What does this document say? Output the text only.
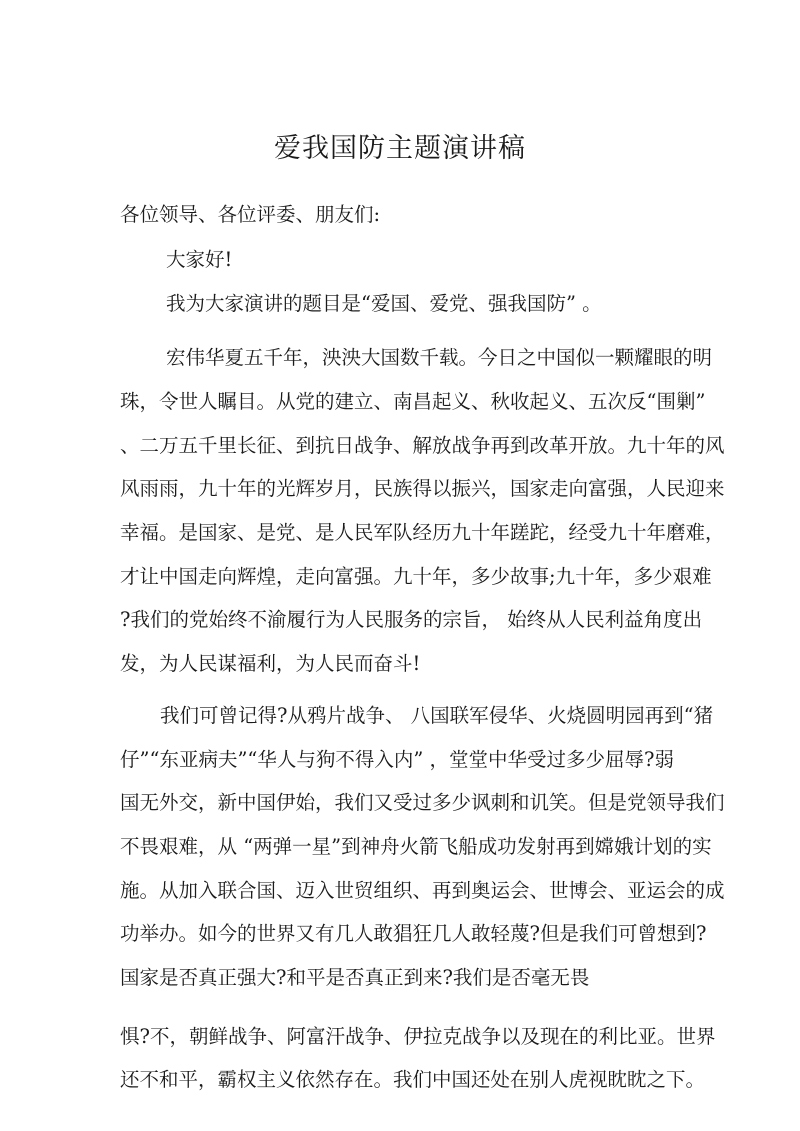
爱我国防主题演讲稿

各位领导、各位评委、朋友们:

大家好!

我为大家演讲的题目是“爱国、爱党、强我国防” 。

宏伟华夏五千年，泱泱大国数千载。今日之中国似一颗耀眼的明

珠，令世人瞩目。从党的建立、南昌起义、秋收起义、五次反“围剿”

、二万五千里长征、到抗日战争、解放战争再到改革开放。九十年的风

风雨雨，九十年的光辉岁月，民族得以振兴，国家走向富强，人民迎来

幸福。是国家、是党、是人民军队经历九十年蹉跎，经受九十年磨难，

才让中国走向辉煌，走向富强。九十年，多少故事;九十年，多少艰难

?我们的党始终不渝履行为人民服务的宗旨， 始终从人民利益角度出

发，为人民谋福利，为人民而奋斗!

我们可曾记得?从鸦片战争、 八国联军侵华、火烧圆明园再到“猪

仔”“东亚病夫”“华人与狗不得入内” ，堂堂中华受过多少屈辱?弱

国无外交，新中国伊始，我们又受过多少讽刺和讥笑。但是党领导我们

不畏艰难，从 “两弹一星”到神舟火箭飞船成功发射再到嫦娥计划的实

施。从加入联合国、迈入世贸组织、再到奥运会、世博会、亚运会的成

功举办。如今的世界又有几人敢猖狂几人敢轻蔑?但是我们可曾想到?

国家是否真正强大?和平是否真正到来?我们是否毫无畏

惧?不，朝鲜战争、阿富汗战争、伊拉克战争以及现在的利比亚。世界

还不和平，霸权主义依然存在。我们中国还处在别人虎视眈眈之下。
